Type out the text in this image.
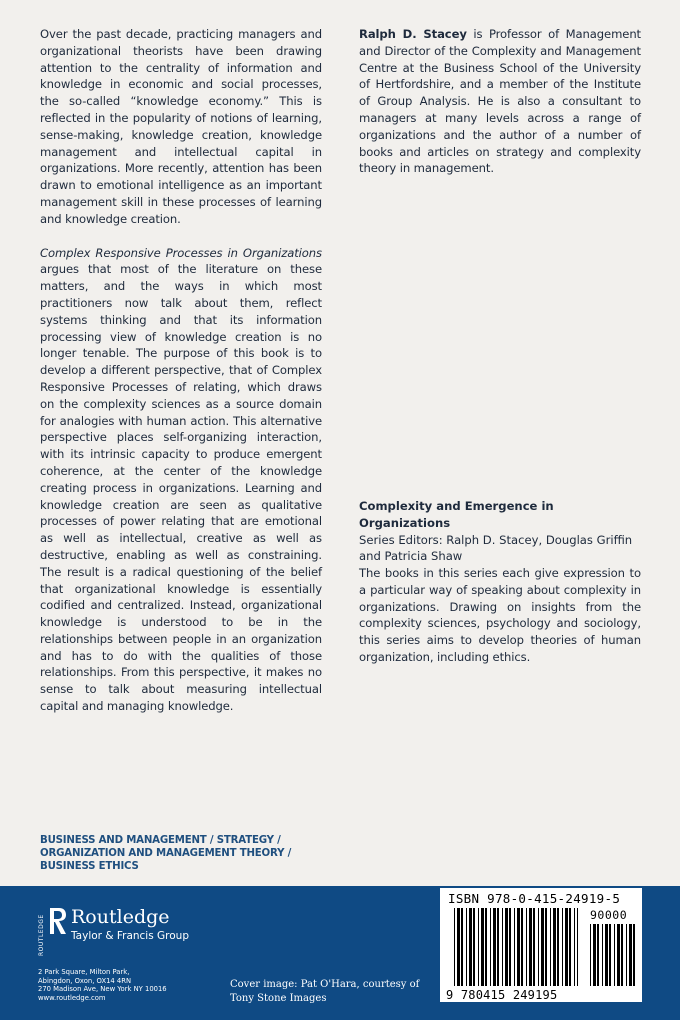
Over the past decade, practicing managers and organizational theorists have been drawing attention to the centrality of information and knowledge in economic and social processes, the so-called “knowledge economy.” This is reflected in the popularity of notions of learning, sense-making, knowledge creation, knowledge management and intellectual capital in organizations. More recently, attention has been drawn to emotional intelligence as an important management skill in these processes of learning and knowledge creation.

Complex Responsive Processes in Organizations argues that most of the literature on these matters, and the ways in which most practitioners now talk about them, reflect systems thinking and that its information processing view of knowledge creation is no longer tenable. The purpose of this book is to develop a different perspective, that of Complex Responsive Processes of relating, which draws on the complexity sciences as a source domain for analogies with human action. This alternative perspective places self-organizing interaction, with its intrinsic capacity to produce emergent coherence, at the center of the knowledge creating process in organizations. Learning and knowledge creation are seen as qualitative processes of power relating that are emotional as well as intellectual, creative as well as destructive, enabling as well as constraining. The result is a radical questioning of the belief that organizational knowledge is essentially codified and centralized. Instead, organizational knowledge is understood to be in the relationships between people in an organization and has to do with the qualities of those relationships. From this perspective, it makes no sense to talk about measuring intellectual capital and managing knowledge.

Ralph D. Stacey is Professor of Management and Director of the Complexity and Management Centre at the Business School of the University of Hertfordshire, and a member of the Institute of Group Analysis. He is also a consultant to managers at many levels across a range of organizations and the author of a number of books and articles on strategy and complexity theory in management.

Complexity and Emergence in Organizations
Series Editors: Ralph D. Stacey, Douglas Griffin
and Patricia Shaw
The books in this series each give expression to a particular way of speaking about complexity in organizations. Drawing on insights from the complexity sciences, psychology and sociology, this series aims to develop theories of human organization, including ethics.
BUSINESS AND MANAGEMENT / STRATEGY /
ORGANIZATION AND MANAGEMENT THEORY /
BUSINESS ETHICS
ROUTLEDGE Routledge
Taylor & Francis Group
2 Park Square, Milton Park,
Abingdon, Oxon, OX14 4RN
270 Madison Ave, New York NY 10016
www.routledge.com
Cover image: Pat O'Hara, courtesy of
Tony Stone Images
ISBN 978-0-415-24919-5
90000
9 780415 249195
